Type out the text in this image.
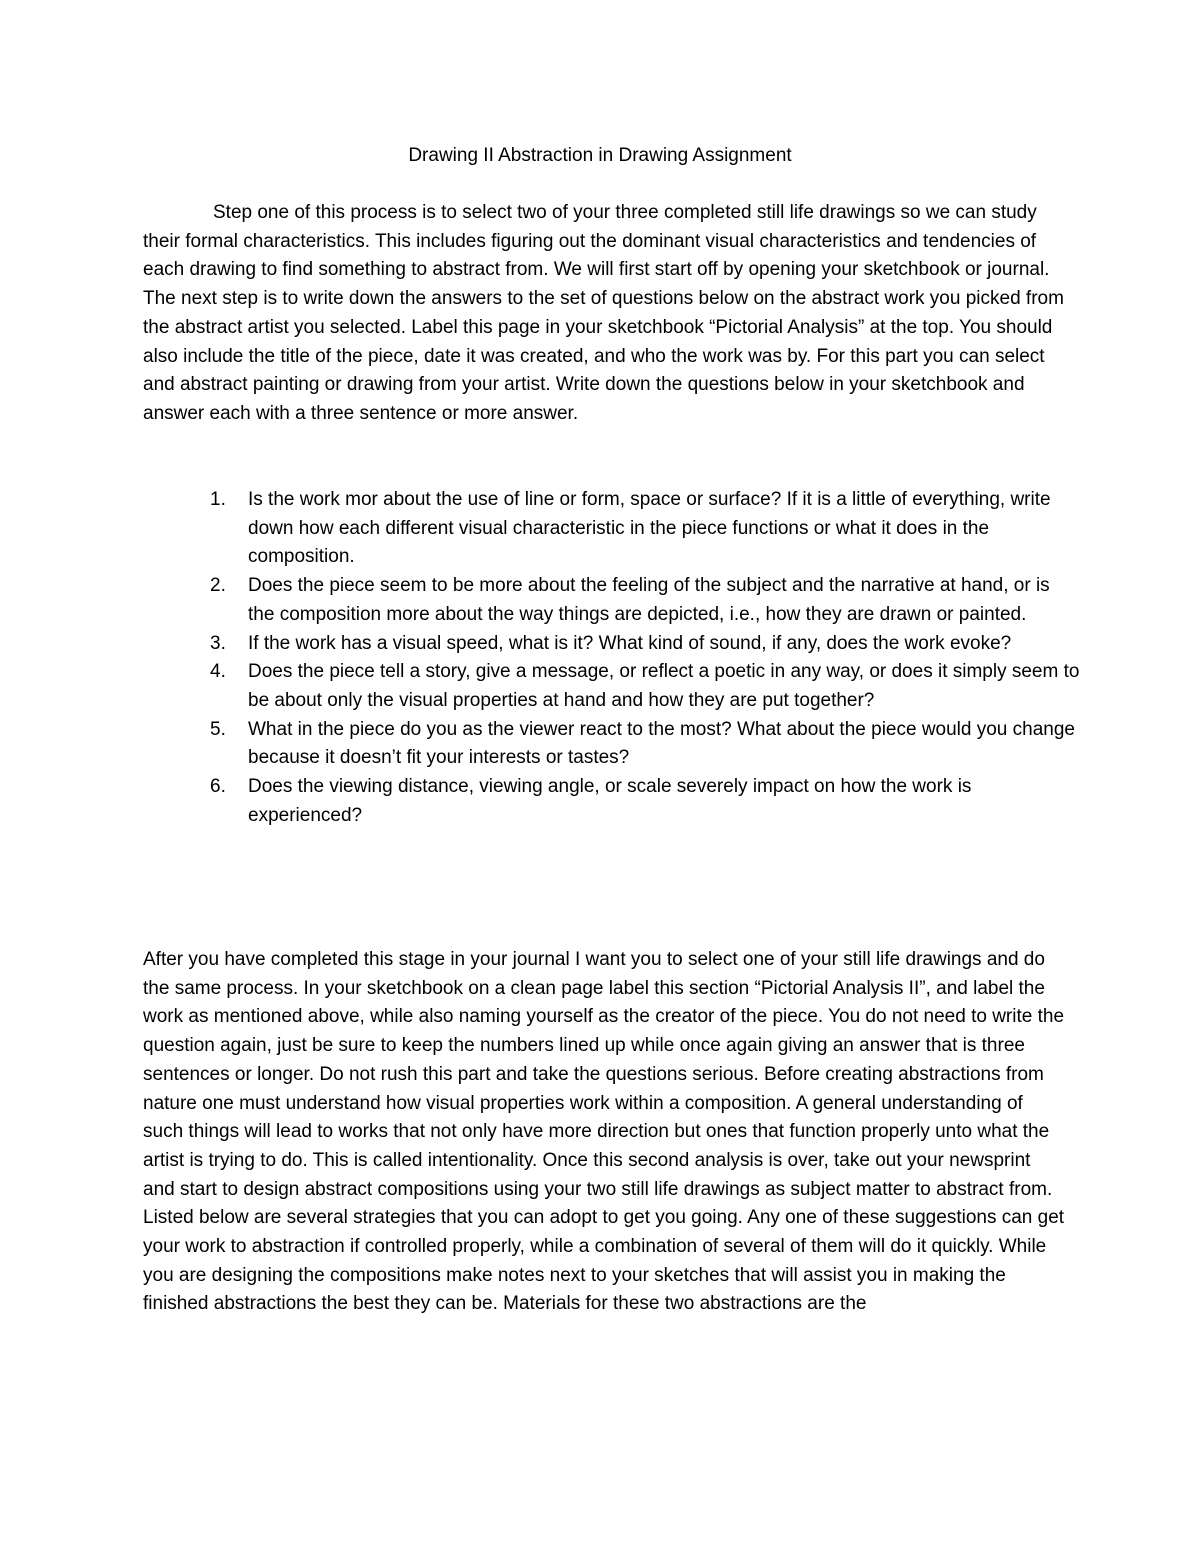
Drawing II Abstraction in Drawing Assignment

Step one of this process is to select two of your three completed still life drawings so we can study their formal characteristics. This includes figuring out the dominant visual characteristics and tendencies of each drawing to find something to abstract from. We will first start off by opening your sketchbook or journal. The next step is to write down the answers to the set of questions below on the abstract work you picked from the abstract artist you selected. Label this page in your sketchbook “Pictorial Analysis” at the top. You should also include the title of the piece, date it was created, and who the work was by. For this part you can select and abstract painting or drawing from your artist. Write down the questions below in your sketchbook and answer each with a three sentence or more answer.

1. Is the work mor about the use of line or form, space or surface? If it is a little of everything, write down how each different visual characteristic in the piece functions or what it does in the composition.
2. Does the piece seem to be more about the feeling of the subject and the narrative at hand, or is the composition more about the way things are depicted, i.e., how they are drawn or painted.
3. If the work has a visual speed, what is it? What kind of sound, if any, does the work evoke?
4. Does the piece tell a story, give a message, or reflect a poetic in any way, or does it simply seem to be about only the visual properties at hand and how they are put together?
5. What in the piece do you as the viewer react to the most? What about the piece would you change because it doesn’t fit your interests or tastes?
6. Does the viewing distance, viewing angle, or scale severely impact on how the work is experienced?

After you have completed this stage in your journal I want you to select one of your still life drawings and do the same process. In your sketchbook on a clean page label this section “Pictorial Analysis II”, and label the work as mentioned above, while also naming yourself as the creator of the piece. You do not need to write the question again, just be sure to keep the numbers lined up while once again giving an answer that is three sentences or longer. Do not rush this part and take the questions serious. Before creating abstractions from nature one must understand how visual properties work within a composition. A general understanding of such things will lead to works that not only have more direction but ones that function properly unto what the artist is trying to do. This is called intentionality. Once this second analysis is over, take out your newsprint and start to design abstract compositions using your two still life drawings as subject matter to abstract from. Listed below are several strategies that you can adopt to get you going. Any one of these suggestions can get your work to abstraction if controlled properly, while a combination of several of them will do it quickly. While you are designing the compositions make notes next to your sketches that will assist you in making the finished abstractions the best they can be. Materials for these two abstractions are the
